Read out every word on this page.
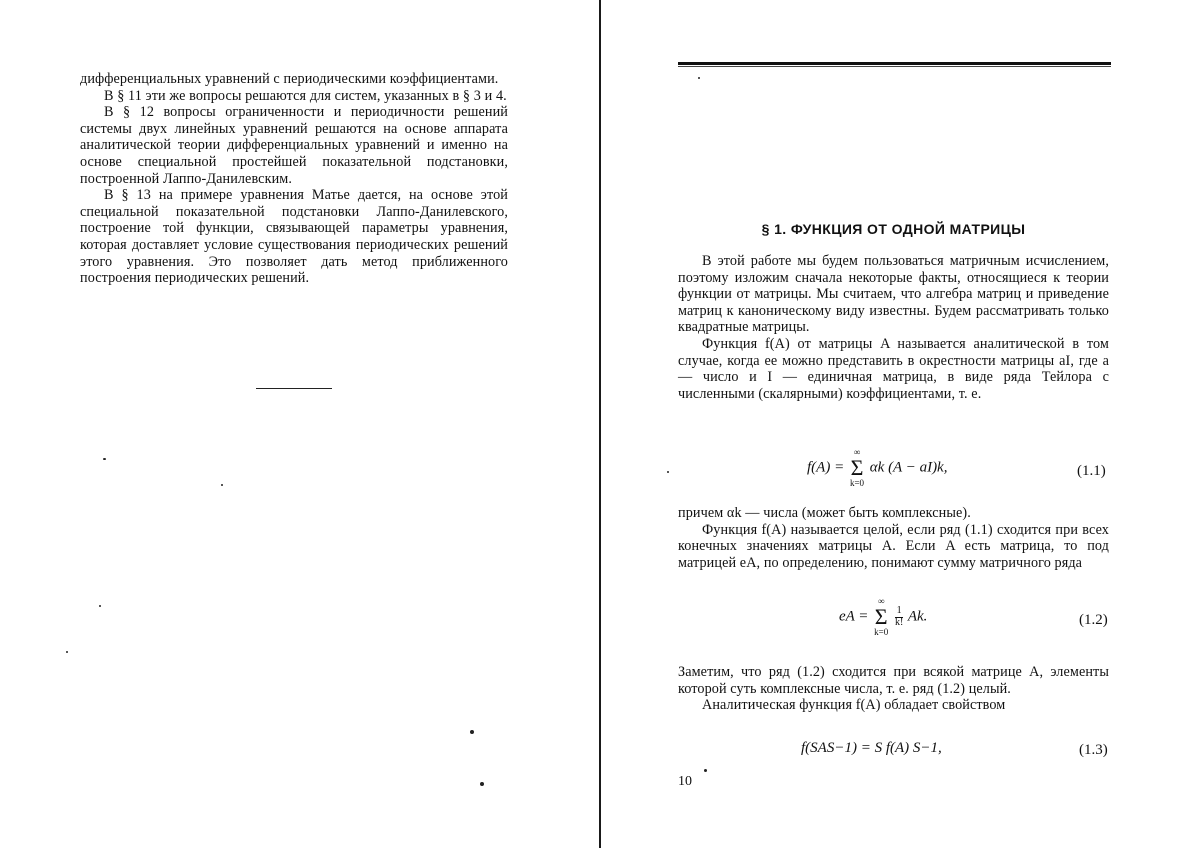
дифференциальных уравнений с периодическими коэффициентами.

В § 11 эти же вопросы решаются для систем, указанных в § 3 и 4.

В § 12 вопросы ограниченности и периодичности решений системы двух линейных уравнений решаются на основе аппарата аналитической теории дифференциальных уравнений и именно на основе специальной простейшей показательной подстановки, построенной Лаппо-Данилевским.

В § 13 на примере уравнения Матье дается, на основе этой специальной показательной подстановки Лаппо-Данилевского, построение той функции, связывающей параметры уравнения, которая доставляет условие существования периодических решений этого уравнения. Это позволяет дать метод приближенного построения периодических решений.

§ 1. ФУНКЦИЯ ОТ ОДНОЙ МАТРИЦЫ

В этой работе мы будем пользоваться матричным исчислением, поэтому изложим сначала некоторые факты, относящиеся к теории функции от матрицы. Мы считаем, что алгебра матриц и приведение матриц к каноническому виду известны. Будем рассматривать только квадратные матрицы.

Функция f(A) от матрицы A называется аналитической в том случае, когда ее можно представить в окрестности матрицы aI, где a — число и I — единичная матрица, в виде ряда Тейлора с численными (скалярными) коэффициентами, т. е.

f(A) =
∞
Σ
k=0
αk (A − aI)k,	(1.1)

причем αk — числа (может быть комплексные).

Функция f(A) называется целой, если ряд (1.1) сходится при всех конечных значениях матрицы A. Если A есть матрица, то под матрицей eA, по определению, понимают сумму матричного ряда

eA =
∞
Σ
k=0

$\frac{1}{k!} Ak$.	(1.2)

Заметим, что ряд (1.2) сходится при всякой матрице A, элементы которой суть комплексные числа, т. е. ряд (1.2) целый.

Аналитическая функция f(A) обладает свойством

f(SAS−1) = S f(A) S−1,	(1.3)
10
